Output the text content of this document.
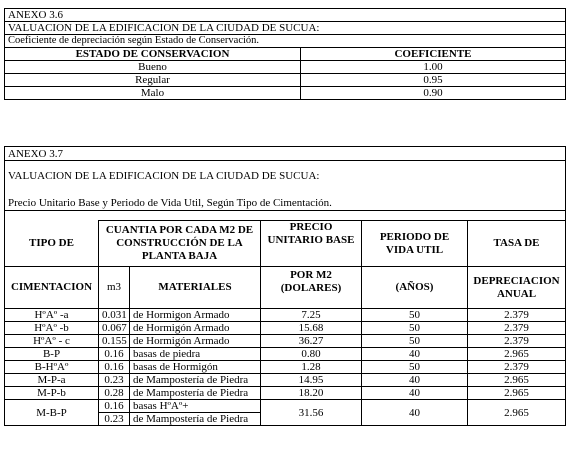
ANEXO 3.6	
VALUACION DE LA EDIFICACION DE LA CIUDAD DE SUCUA:	
Coeficiente de depreciación según Estado de Conservación.	
ESTADO DE CONSERVACION	COEFICIENTE
Bueno	1.00
Regular	0.95
Malo	0.90
ANEXO 3.7					

VALUACION DE LA EDIFICACION DE LA CIUDAD DE SUCUA:					

Precio Unitario Base y Periodo de Vida Util, Según Tipo de Cimentación.					

TIPO DE	CUANTIA POR CADA M2 DE CONSTRUCCIÓN DE LA PLANTA BAJA		PRECIO UNITARIO BASE	PERIODO DE VIDA UTIL	TASA DE
CIMENTACION	m3	MATERIALES	POR M2 (DOLARES)	(AÑOS)	DEPRECIACION ANUAL
HºAº -a	0.031	de Hormigon Armado	7.25	50	2.379
HºAº -b	0.067	de Hormigón Armado	15.68	50	2.379
HºAº - c	0.155	de Hormigón Armado	36.27	50	2.379
B-P	0.16	basas de piedra	0.80	40	2.965
B-HºAº	0.16	basas de Hormigón	1.28	50	2.379
M-P-a	0.23	de Mampostería de Piedra	14.95	40	2.965
M-P-b	0.28	de Mampostería de Piedra	18.20	40	2.965
M-B-P	0.16	basas HºAº+	31.56	40	2.965
	0.23	de Mampostería de Piedra			
